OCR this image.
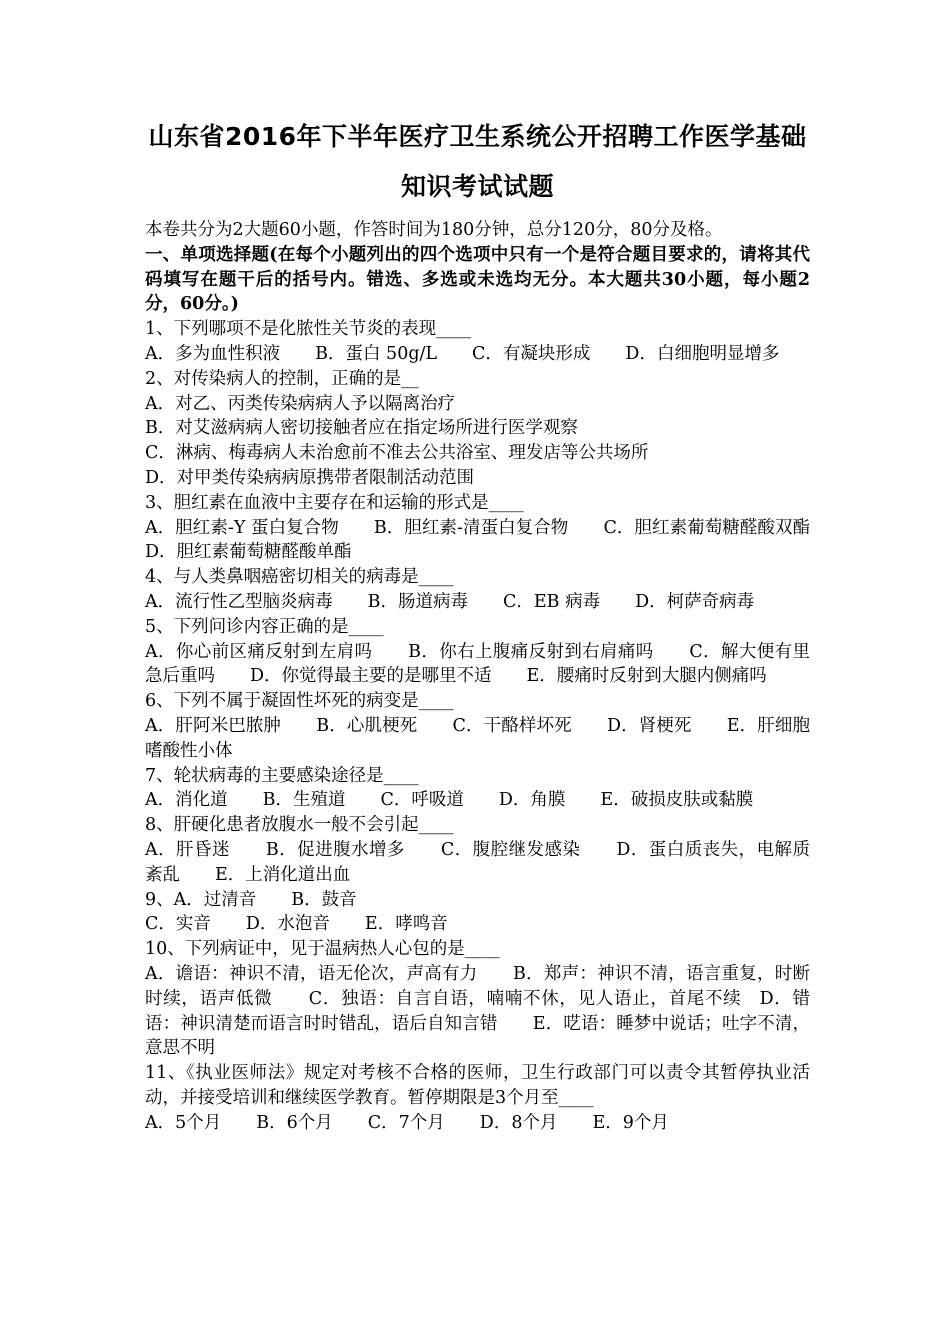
山东省2016年下半年医疗卫生系统公开招聘工作医学基础
知识考试试题

本卷共分为2大题60小题，作答时间为180分钟，总分120分，80分及格。

一、单项选择题(在每个小题列出的四个选项中只有一个是符合题目要求的，请将其代码填写在题干后的括号内。错选、多选或未选均无分。本大题共30小题，每小题2分，60分。)

1、下列哪项不是化脓性关节炎的表现____

A．多为血性积液　　B．蛋白 50g/L　　C．有凝块形成　　D．白细胞明显增多

2、对传染病人的控制，正确的是__

A．对乙、丙类传染病病人予以隔离治疗

B．对艾滋病病人密切接触者应在指定场所进行医学观察

C．淋病、梅毒病人未治愈前不准去公共浴室、理发店等公共场所

D．对甲类传染病病原携带者限制活动范围

3、胆红素在血液中主要存在和运输的形式是____

A．胆红素-Y 蛋白复合物　　B．胆红素-清蛋白复合物　　C．胆红素葡萄糖醛酸双酯　D．胆红素葡萄糖醛酸单酯

4、与人类鼻咽癌密切相关的病毒是____

A．流行性乙型脑炎病毒　　B．肠道病毒　　C．EB 病毒　　D．柯萨奇病毒

5、下列问诊内容正确的是____

A．你心前区痛反射到左肩吗　　B．你右上腹痛反射到右肩痛吗　　C．解大便有里急后重吗　　D．你觉得最主要的是哪里不适　　E．腰痛时反射到大腿内侧痛吗

6、下列不属于凝固性坏死的病变是____

A．肝阿米巴脓肿　　B．心肌梗死　　C．干酪样坏死　　D．肾梗死　　E．肝细胞嗜酸性小体

7、轮状病毒的主要感染途径是____

A．消化道　　B．生殖道　　C．呼吸道　　D．角膜　　E．破损皮肤或黏膜

8、肝硬化患者放腹水一般不会引起____

A．肝昏迷　　B．促进腹水增多　　C．腹腔继发感染　　D．蛋白质丧失，电解质紊乱　　E．上消化道出血

9、A．过清音　　B．鼓音

C．实音　　D．水泡音　　E．哮鸣音

10、下列病证中，见于温病热人心包的是____

A．谵语：神识不清，语无伦次，声高有力　　B．郑声：神识不清，语言重复，时断时续，语声低微　　C．独语：自言自语，喃喃不休，见人语止，首尾不续　D．错语：神识清楚而语言时时错乱，语后自知言错　　E．呓语：睡梦中说话；吐字不清，意思不明

11、《执业医师法》规定对考核不合格的医师，卫生行政部门可以责令其暂停执业活动，并接受培训和继续医学教育。暂停期限是3个月至____

A．5个月　　B．6个月　　C．7个月　　D．8个月　　E．9个月
